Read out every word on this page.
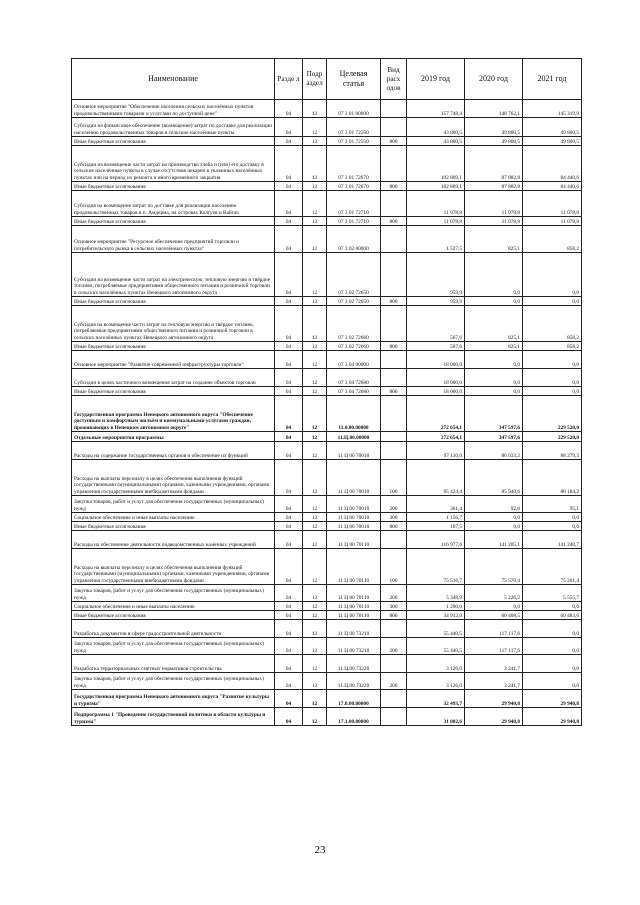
Наименование	Разде л	Подр аздел	Целевая статья	Вид расх одов	2019 год	2020 год	2021 год
Основное мероприятие "Обеспечение населения сельских населённых пунктов продовольственными товарами и услугами по доступной цене"	04	12	07 3 01 00000		157 748,4	148 762,1	145 319,9
Субсидии на финансовое обеспечение (возмещение) затрат по доставке для реализации населению продовольственных товаров в сельские населённые пункты	04	12	07 3 01 72550		43 800,5	49 800,5	49 800,5
Иные бюджетные ассигнования	04	12	07 3 01 72550	800	43 800,5	49 800,5	49 800,5
Субсидии на возмещение части затрат на производство хлеба и (или) его доставку в сельские населённые пункты в случае отсутствия пекарен в указанных населённых пунктах или на период их ремонта и иного временного закрытия	04	12	07 3 01 72670		102 869,1	87 882,8	84 440,6
Иные бюджетные ассигнования	04	12	07 3 01 72670	800	102 869,1	87 882,8	84 440,6
Субсидия на возмещение затрат по доставке для реализации населению продовольственных товаров в п. Амдерма, на островах Колгуев и Вайгач	04	12	07 3 01 72710		11 078,8	11 078,8	11 078,8
Иные бюджетные ассигнования	04	12	07 3 01 72710	800	11 078,8	11 078,8	11 078,8
Основное мероприятие "Ресурсное обеспечение предприятий торговли и потребительского рынка в сельских населённых пунктах"	04	12	07 3 02 00000		1 527,5	825,1	858,2
Субсидии на возмещение части затрат на электрическую, тепловую энергию и твёрдое топливо, потребляемые предприятиями общественного питания и розничной торговли в сельских населённых пунктах Ненецкого автономного округа	04	12	07 3 02 72650		959,9	0,0	0,0
Иные бюджетные ассигнования	04	12	07 3 02 72650	800	959,9	0,0	0,0
Субсидия на возмещение части затрат на тепловую энергию и твёрдое топливо, потребляемые предприятиями общественного питания и розничной торговли в сельских населённых пунктах Ненецкого автономного округа	04	12	07 3 02 72660		567,6	825,1	858,2
Иные бюджетные ассигнования	04	12	07 3 02 72660	800	567,6	825,1	858,2
Основное мероприятие "Развитие современной инфраструктуры торговли"	04	12	07 3 04 00000		18 000,0	0,0	0,0
Субсидии в целях частичного возмещения затрат на создание объектов торговли	04	12	07 3 04 72680		18 000,0	0,0	0,0
Иные бюджетные ассигнования	04	12	07 3 04 72680	800	18 000,0	0,0	0,0
Государственная программа Ненецкого автономного округа "Обеспечение доступным и комфортным жильём и коммунальными услугами граждан, проживающих в Ненецком автономном округе"	04	12	11.0.00.00000		272 654,1	347 597,6	229 520,0
Отдельные мероприятия программы	04	12	11.Ц.00.00000		272 654,1	347 597,6	229 520,0
Расходы на содержание государственных органов и обеспечение их функций	04	12	11 Ц 00 70010		97 110,0	86 033,2	88 279,3
Расходы на выплаты персоналу в целях обеспечения выполнения функций государственными (муниципальными) органами, казенными учреждениями, органами управления государственными внебюджетными фондами	04	12	11 Ц 00 70010	100	95 424,4	85 940,6	88 184,2
Закупка товаров, работ и услуг для обеспечения государственных (муниципальных) нужд	04	12	11 Ц 00 70010	200	361,4	92,6	95,1
Социальное обеспечение и иные выплаты населению	04	12	11 Ц 00 70010	300	1 156,7	0,0	0,0
Иные бюджетные ассигнования	04	12	11 Ц 00 70010	800	167,5	0,0	0,0
Расходы на обеспечение деятельности подведомственных казённых учреждений	04	12	11 Ц 00 70110		116 977,6	141 205,1	141 240,7
Расходы на выплаты персоналу в целях обеспечения выполнения функций государственными (муниципальными) органами, казенными учреждениями, органами управления государственными внебюджетными фондами	04	12	11 Ц 00 70110	100	75 516,7	75 570,4	75 201,4
Закупка товаров, работ и услуг для обеспечения государственных (муниципальных) нужд	04	12	11 Ц 00 70110	200	5 348,9	5 226,2	5 555,7
Социальное обеспечение и иные выплаты населению	04	12	11 Ц 00 70110	300	1 200,0	0,0	0,0
Иные бюджетные ассигнования	04	12	11 Ц 00 70110	800	34 912,0	60 408,5	60 483,6
Разработка документов в сфере градостроительной деятельности	04	12	11 Ц 00 73210		55 440,5	117 117,6	0,0
Закупка товаров, работ и услуг для обеспечения государственных (муниципальных) нужд	04	12	11 Ц 00 73210	200	55 440,5	117 117,6	0,0
Разработка территориальных сметных нормативов строительства	04	12	11.Ц.00.73220		3 126,0	3 241,7	0,0
Закупка товаров, работ и услуг для обеспечения государственных (муниципальных) нужд	04	12	11.Ц.00.73220	200	3 126,0	3 241,7	0,0
Государственная программа Ненецкого автономного округа "Развитие культуры и туризма"	04	12	17.0.00.00000		32 493,7	29 940,8	29 940,8
Подпрограмма 1 "Проведение государственной политики в области культуры и туризма"	04	12	17.1.00.00000		31 002,6	29 940,8	29 940,8
23
